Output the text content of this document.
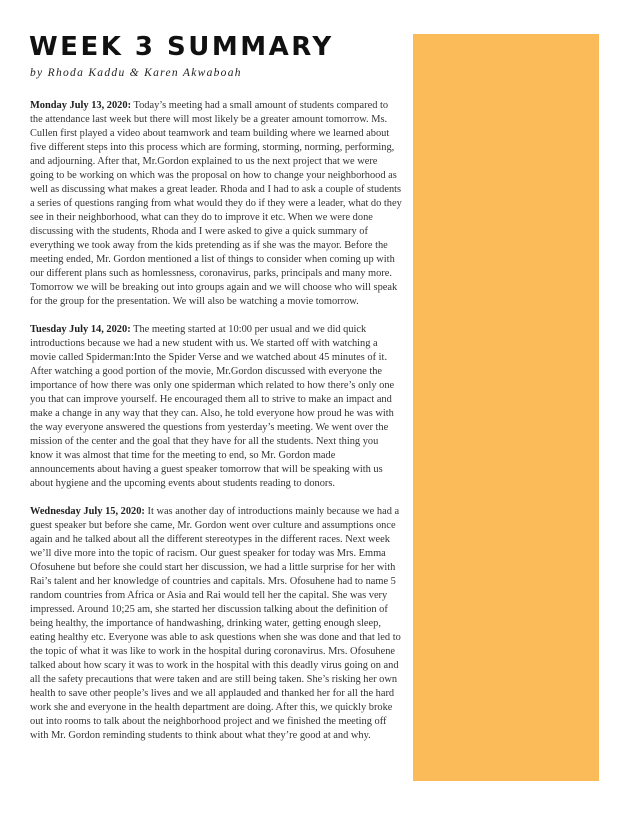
WEEK 3 SUMMARY

by Rhoda Kaddu & Karen Akwaboah

Monday July 13, 2020: Today’s meeting had a small amount of students compared to the attendance last week but there will most likely be a greater amount tomorrow. Ms. Cullen first played a video about teamwork and team building where we learned about five different steps into this process which are forming, storming, norming, performing, and adjourning. After that, Mr.Gordon explained to us the next project that we were going to be working on which was the proposal on how to change your neighborhood as well as discussing what makes a great leader. Rhoda and I had to ask a couple of students a series of questions ranging from what would they do if they were a leader, what do they see in their neighborhood, what can they do to improve it etc. When we were done discussing with the students, Rhoda and I were asked to give a quick summary of everything we took away from the kids pretending as if she was the mayor. Before the meeting ended, Mr. Gordon mentioned a list of things to consider when coming up with our different plans such as homlessness, coronavirus, parks, principals and many more. Tomorrow we will be breaking out into groups again and we will choose who will speak for the group for the presentation. We will also be watching a movie tomorrow.

Tuesday July 14, 2020: The meeting started at 10:00 per usual and we did quick introductions because we had a new student with us. We started off with watching a movie called Spiderman:Into the Spider Verse and we watched about 45 minutes of it. After watching a good portion of the movie, Mr.Gordon discussed with everyone the importance of how there was only one spiderman which related to how there’s only one you that can improve yourself. He encouraged them all to strive to make an impact and make a change in any way that they can. Also, he told everyone how proud he was with the way everyone answered the questions from yesterday’s meeting. We went over the mission of the center and the goal that they have for all the students. Next thing you know it was almost that time for the meeting to end, so Mr. Gordon made announcements about having a guest speaker tomorrow that will be speaking with us about hygiene and the upcoming events about students reading to donors.

Wednesday July 15, 2020: It was another day of introductions mainly because we had a guest speaker but before she came, Mr. Gordon went over culture and assumptions once again and he talked about all the different stereotypes in the different races. Next week we’ll dive more into the topic of racism. Our guest speaker for today was Mrs. Emma Ofosuhene but before she could start her discussion, we had a little surprise for her with Rai’s talent and her knowledge of countries and capitals. Mrs. Ofosuhene had to name 5 random countries from Africa or Asia and Rai would tell her the capital. She was very impressed. Around 10;25 am, she started her discussion talking about the definition of being healthy, the importance of handwashing, drinking water, getting enough sleep, eating healthy etc. Everyone was able to ask questions when she was done and that led to the topic of what it was like to work in the hospital during coronavirus. Mrs. Ofosuhene talked about how scary it was to work in the hospital with this deadly virus going on and all the safety precautions that were taken and are still being taken. She’s risking her own health to save other people’s lives and we all applauded and thanked her for all the hard work she and everyone in the health department are doing. After this, we quickly broke out into rooms to talk about the neighborhood project and we finished the meeting off with Mr. Gordon reminding students to think about what they’re good at and why.
